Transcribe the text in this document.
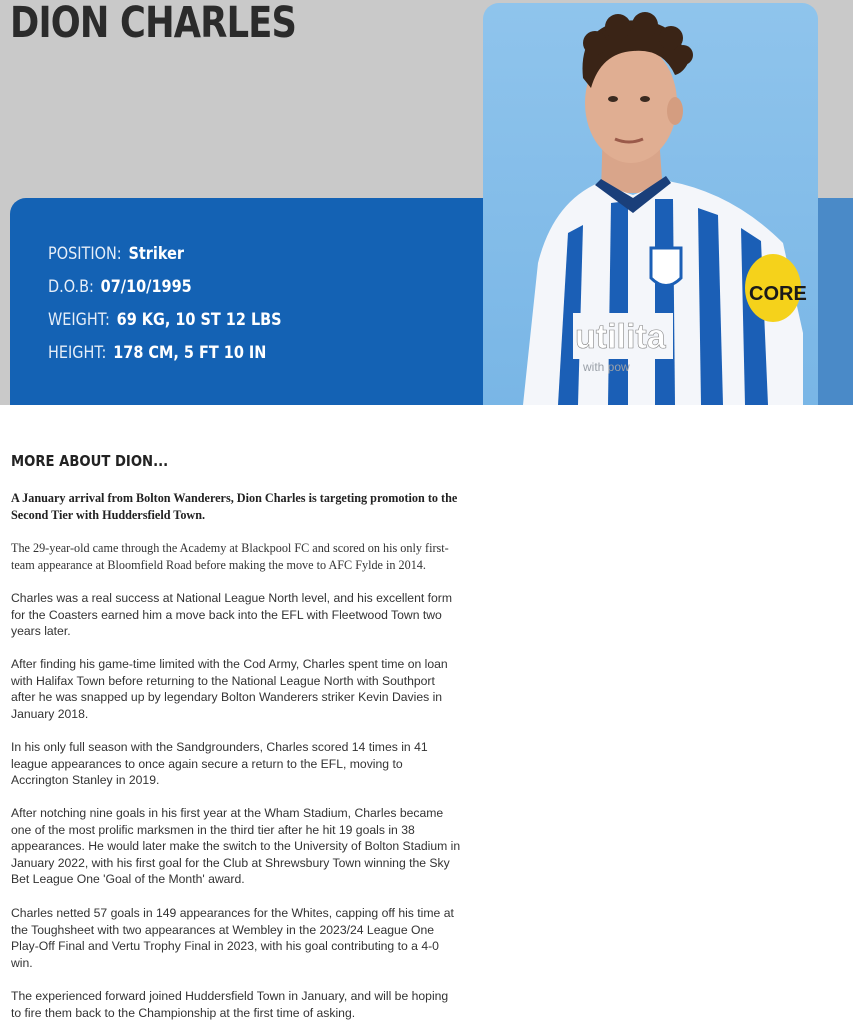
DION CHARLES
POSITION: Striker
D.O.B: 07/10/1995
WEIGHT: 69 KG, 10 ST 12 LBS
HEIGHT: 178 CM, 5 FT 10 IN	utilita
with pow
CORE
MORE ABOUT DION...

A January arrival from Bolton Wanderers, Dion Charles is targeting promotion to the Second Tier with Huddersfield Town.

The 29-year-old came through the Academy at Blackpool FC and scored on his only first-team appearance at Bloomfield Road before making the move to AFC Fylde in 2014.

Charles was a real success at National League North level, and his excellent form for the Coasters earned him a move back into the EFL with Fleetwood Town two years later.

After finding his game-time limited with the Cod Army, Charles spent time on loan with Halifax Town before returning to the National League North with Southport after he was snapped up by legendary Bolton Wanderers striker Kevin Davies in January 2018.

In his only full season with the Sandgrounders, Charles scored 14 times in 41 league appearances to once again secure a return to the EFL, moving to Accrington Stanley in 2019.

After notching nine goals in his first year at the Wham Stadium, Charles became one of the most prolific marksmen in the third tier after he hit 19 goals in 38 appearances. He would later make the switch to the University of Bolton Stadium in January 2022, with his first goal for the Club at Shrewsbury Town winning the Sky Bet League One 'Goal of the Month' award.

Charles netted 57 goals in 149 appearances for the Whites, capping off his time at the Toughsheet with two appearances at Wembley in the 2023/24 League One Play-Off Final and Vertu Trophy Final in 2023, with his goal contributing to a 4-0 win.

The experienced forward joined Huddersfield Town in January, and will be hoping to fire them back to the Championship at the first time of asking.
